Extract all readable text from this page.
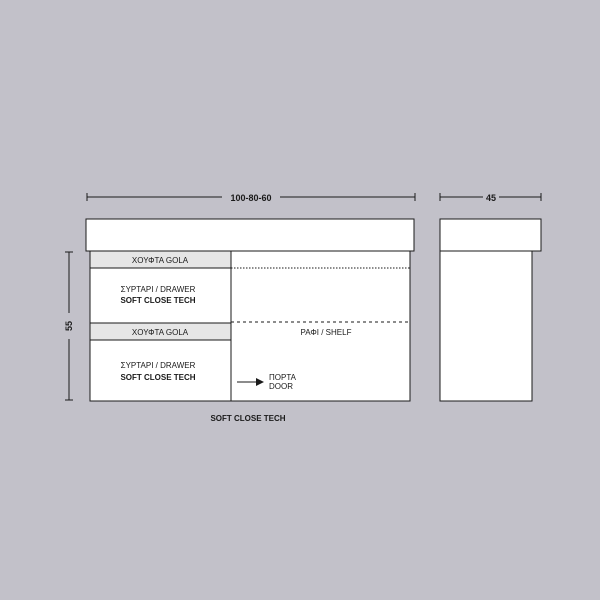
100-80-60	45
55
ΧΟΥΦΤΑ GOLA
ΣΥΡΤΑΡΙ / DRAWER
SOFT CLOSE TECH
ΧΟΥΦΤΑ GOLA
ΣΥΡΤΑΡΙ / DRAWER
SOFT CLOSE TECH
ΡΑΦΙ / SHELF
ΠΟΡΤΑ
DOOR
SOFT CLOSE TECH
